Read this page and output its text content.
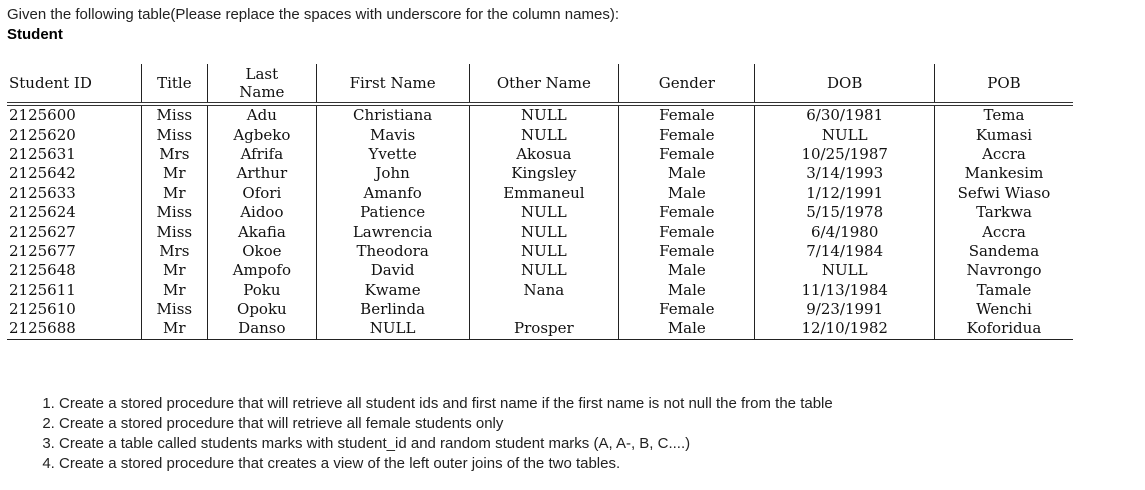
Given the following table(Please replace the spaces with underscore for the column names):
Student
Student ID	Title	Last Name	First Name	Other Name	Gender	DOB	POB
2125600	Miss	Adu	Christiana	NULL	Female	6/30/1981	Tema
2125620	Miss	Agbeko	Mavis	NULL	Female	NULL	Kumasi
2125631	Mrs	Afrifa	Yvette	Akosua	Female	10/25/1987	Accra
2125642	Mr	Arthur	John	Kingsley	Male	3/14/1993	Mankesim
2125633	Mr	Ofori	Amanfo	Emmaneul	Male	1/12/1991	Sefwi Wiaso
2125624	Miss	Aidoo	Patience	NULL	Female	5/15/1978	Tarkwa
2125627	Miss	Akafia	Lawrencia	NULL	Female	6/4/1980	Accra
2125677	Mrs	Okoe	Theodora	NULL	Female	7/14/1984	Sandema
2125648	Mr	Ampofo	David	NULL	Male	NULL	Navrongo
2125611	Mr	Poku	Kwame	Nana	Male	11/13/1984	Tamale
2125610	Miss	Opoku	Berlinda		Female	9/23/1991	Wenchi
2125688	Mr	Danso	NULL	Prosper	Male	12/10/1982	Koforidua
1. Create a stored procedure that will retrieve all student ids and first name if the first name is not null the from the table
2. Create a stored procedure that will retrieve all female students only
3. Create a table called students marks with student_id and random student marks (A, A-, B, C....)
4. Create a stored procedure that creates a view of the left outer joins of the two tables.
